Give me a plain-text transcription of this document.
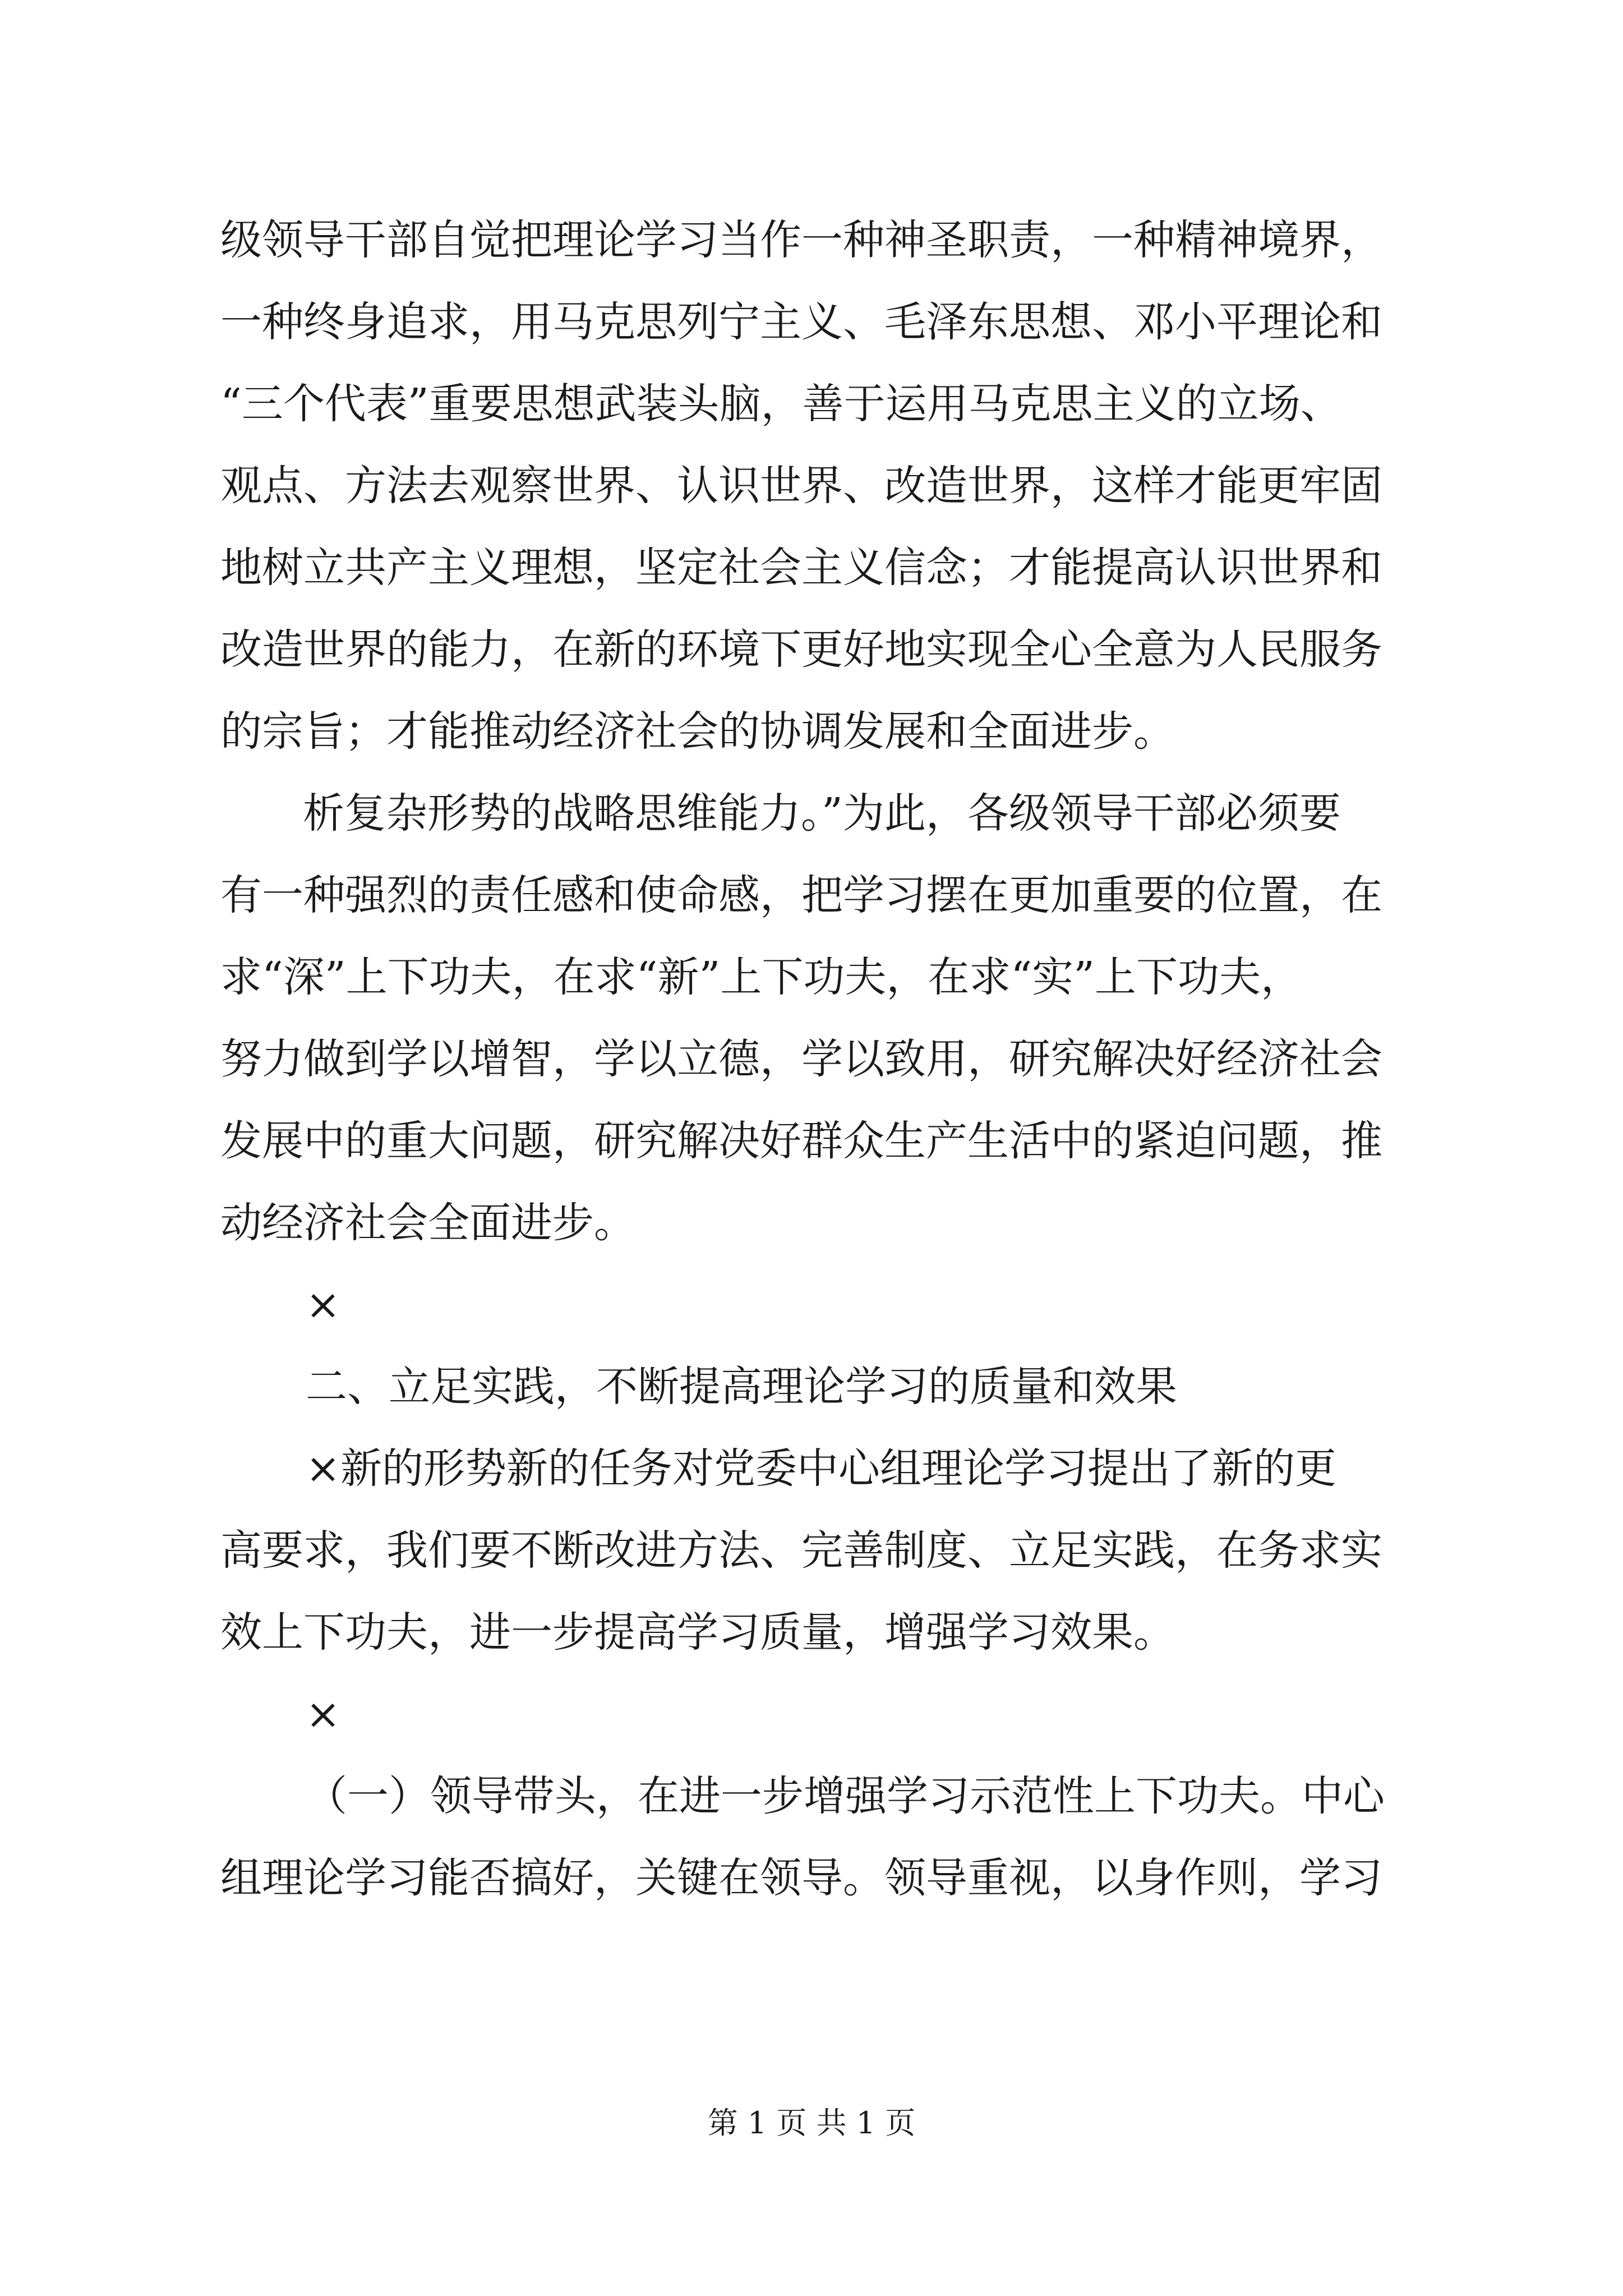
级领导干部自觉把理论学习当作一种神圣职责，一种精神境界，
一种终身追求，用马克思列宁主义、毛泽东思想、邓小平理论和
“三个代表”重要思想武装头脑，善于运用马克思主义的立场、
观点、方法去观察世界、认识世界、改造世界，这样才能更牢固
地树立共产主义理想，坚定社会主义信念；才能提高认识世界和
改造世界的能力，在新的环境下更好地实现全心全意为人民服务
的宗旨；才能推动经济社会的协调发展和全面进步。
析复杂形势的战略思维能力。”为此，各级领导干部必须要
有一种强烈的责任感和使命感，把学习摆在更加重要的位置，在
求“深”上下功夫，在求“新”上下功夫，在求“实”上下功夫，
努力做到学以增智，学以立德，学以致用，研究解决好经济社会
发展中的重大问题，研究解决好群众生产生活中的紧迫问题，推
动经济社会全面进步。
×
二、立足实践，不断提高理论学习的质量和效果
×新的形势新的任务对党委中心组理论学习提出了新的更
高要求，我们要不断改进方法、完善制度、立足实践，在务求实
效上下功夫，进一步提高学习质量，增强学习效果。
×
（一）领导带头，在进一步增强学习示范性上下功夫。中心
组理论学习能否搞好，关键在领导。领导重视，以身作则，学习
第 1 页 共 1 页
